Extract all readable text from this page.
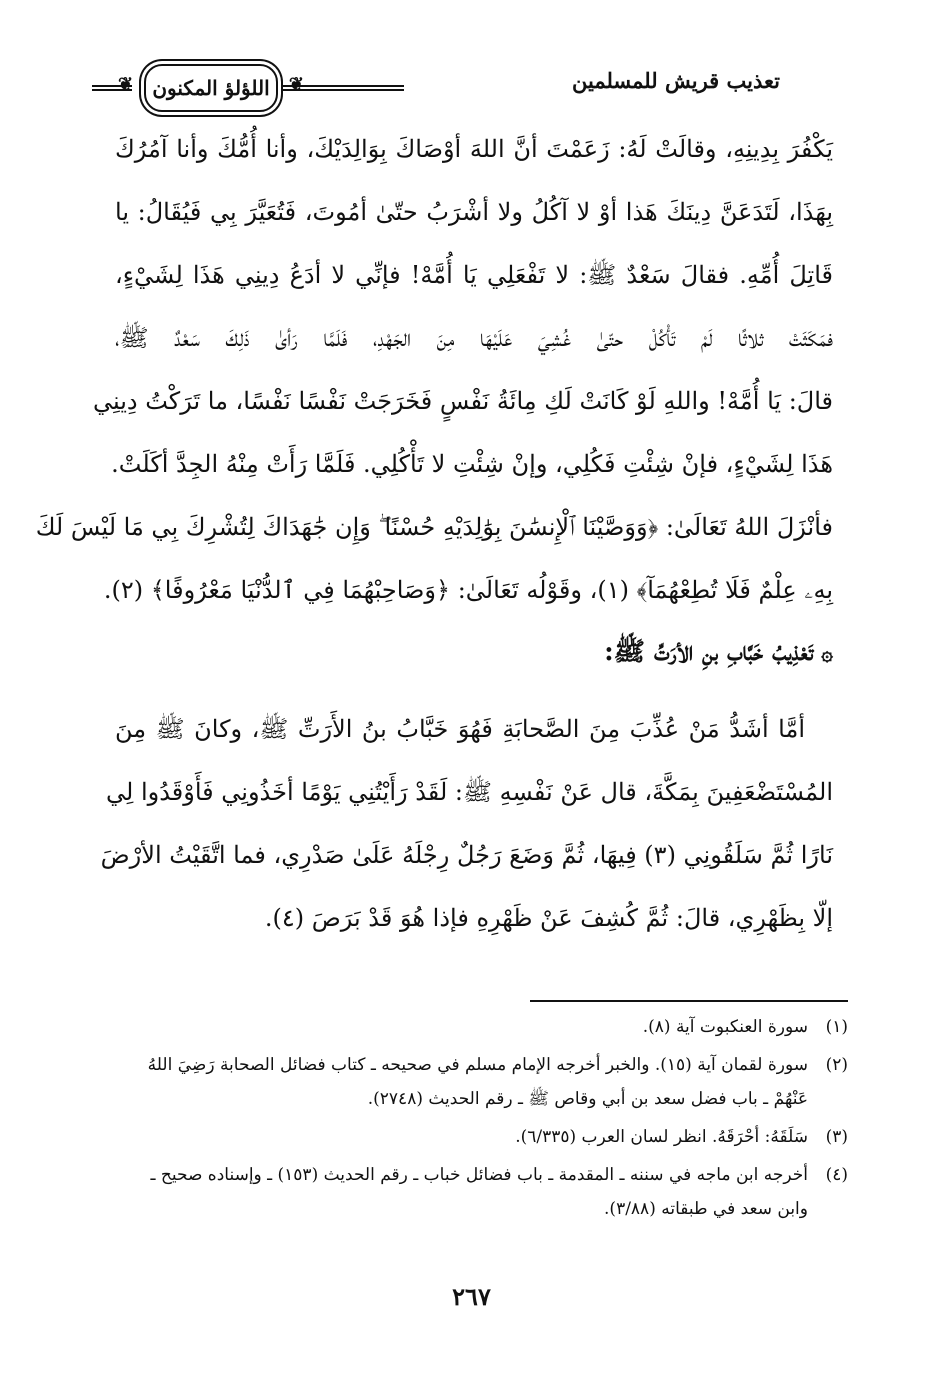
❦ اللؤلؤ المكنون ❦	تعذيب قريش للمسلمين
يَكْفُرَ بِدِينِهِ، وقالَتْ لَهُ: زَعَمْتَ أنَّ اللهَ أوْصَاكَ بِوَالِدَيْكَ، وأنا أُمُّكَ وأنا آمُرُكَ
بِهَذَا، لَتَدَعَنَّ دِينَكَ هَذا أوْ لا آكُلُ ولا أشْرَبُ حتّىٰ أمُوتَ، فَتُعَيَّرَ بِي فَيُقَالُ: يا
قَاتِلَ أُمِّهِ. فقالَ سَعْدٌ ﷺ: لا تَفْعَلِي يَا أُمَّهْ! فإنِّي لا أدَعُ دِينِي هَذَا لِشَيْءٍ،
فمَكَثَتْ ثلاثًا لَمْ تَأْكُلْ حتّىٰ غُشِيَ عَلَيْهَا مِنَ الجَهْدِ، فَلَمَّا رَأىٰ ذَلِكَ سَعْدٌ ﷺ،
قالَ: يَا أُمَّهْ! واللهِ لَوْ كَانَتْ لَكِ مِائَةُ نَفْسٍ فَخَرَجَتْ نَفْسًا نَفْسًا، ما تَرَكْتُ دِينِي
هَذَا لِشَيْءٍ، فإنْ شِئْتِ فَكُلِي، وإنْ شِئْتِ لا تَأْكُلِي. فَلَمَّا رَأَتْ مِنْهُ الجِدَّ أكَلَتْ.
فأنْزَلَ اللهُ تَعَالَىٰ: ﴿وَوَصَّيْنَا ٱلْإِنسَٰنَ بِوَٰلِدَيْهِ حُسْنًا ۖ وَإِن جَٰهَدَاكَ لِتُشْرِكَ بِي مَا لَيْسَ لَكَ
بِهِۦ عِلْمٌ فَلَا تُطِعْهُمَآ﴾ (١)، وقَوْلُه تَعَالَىٰ: ﴿وَصَاحِبْهُمَا فِي ٱلدُّنْيَا مَعْرُوفًا﴾ (٢).
۞تَعْذِيبُ خَبَّابِ بنِ الأرَتِّ ﷺ:
أمَّا أشَدُّ مَنْ عُذِّبَ مِنَ الصَّحابَةِ فَهُوَ خَبَّابُ بنُ الأَرَتِّ ﷺ، وكانَ ﷺ مِنَ
المُسْتَضْعَفِينَ بِمَكَّةَ، قال عَنْ نَفْسِهِ ﷺ: لَقَدْ رَأَيْتُنِي يَوْمًا أخَذُونِي فَأَوْقَدُوا لِي
نَارًا ثُمَّ سَلَقُونِي (٣) فِيهَا، ثُمَّ وَضَعَ رَجُلٌ رِجْلَهُ عَلَىٰ صَدْرِي، فما اتَّقَيْتُ الأرْضَ
إلّا بِظَهْرِي، قالَ: ثُمَّ كُشِفَ عَنْ ظَهْرِهِ فإذا هُوَ قَدْ بَرَصَ (٤).
(١)
سورة العنكبوت آية (٨).
(٢)
سورة لقمان آية (١٥). والخبر أخرجه الإمام مسلم في صحيحه ـ كتاب فضائل الصحابة رَضِيَ اللهُ عَنْهُمْ ـ باب فضل سعد بن أبي وقاص ﷺ ـ رقم الحديث (٢٧٤٨).
(٣)
سَلَقَهُ: أحْرَقَهُ. انظر لسان العرب (٦/٣٣٥).
(٤)
أخرجه ابن ماجه في سننه ـ المقدمة ـ باب فضائل خباب ـ رقم الحديث (١٥٣) ـ وإسناده صحيح ـ وابن سعد في طبقاته (٣/٨٨).
٢٦٧
